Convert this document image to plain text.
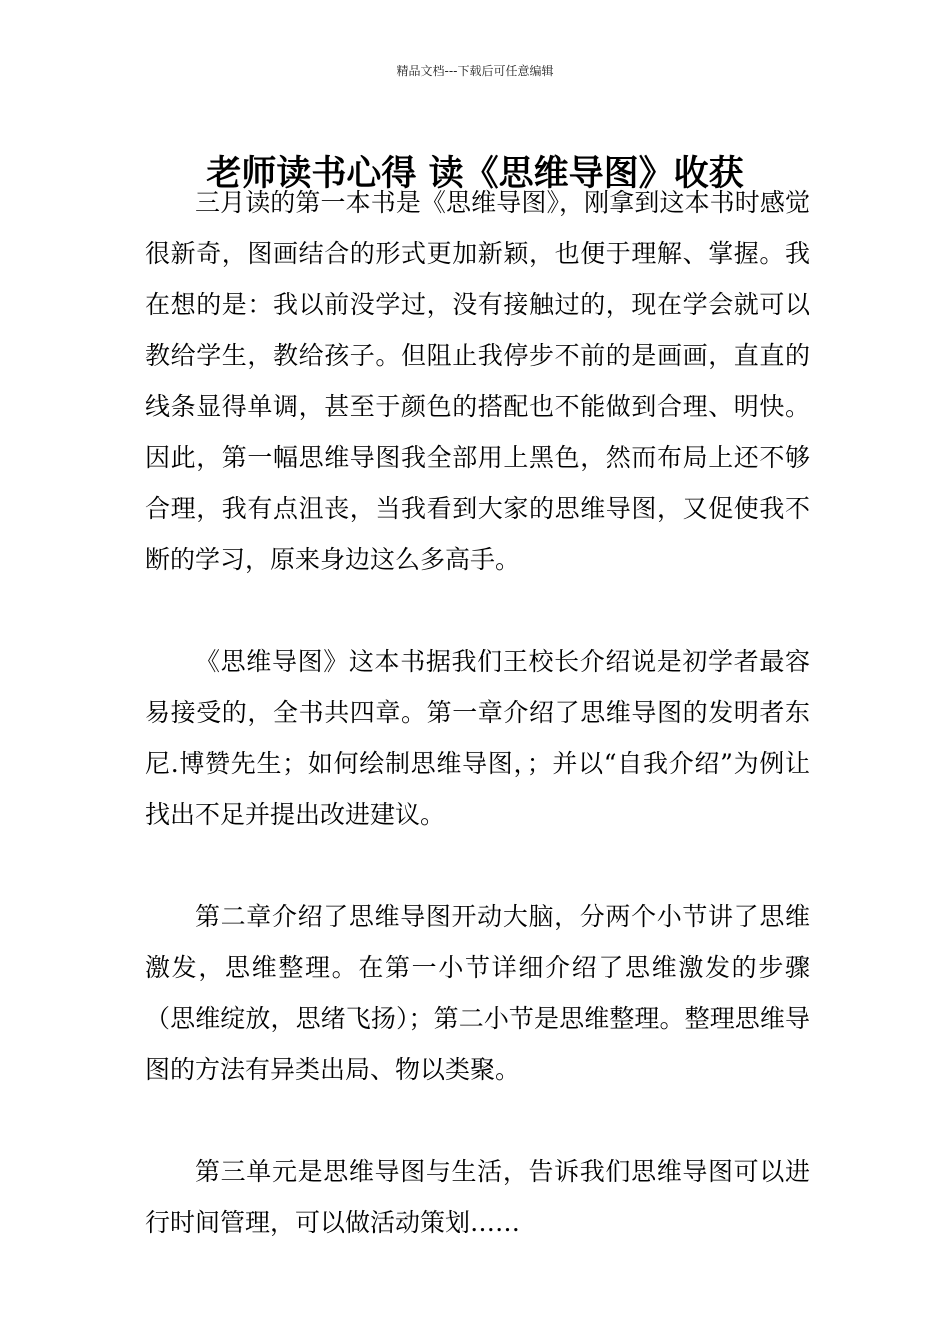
精品文档---下载后可任意编辑
老师读书心得 读《思维导图》收获

三月读的第一本书是《思维导图》，刚拿到这本书时感觉很新奇，图画结合的形式更加新颖，也便于理解、掌握。我在想的是：我以前没学过，没有接触过的，现在学会就可以教给学生，教给孩子。但阻止我停步不前的是画画，直直的线条显得单调，甚至于颜色的搭配也不能做到合理、明快。因此，第一幅思维导图我全部用上黑色，然而布局上还不够合理，我有点沮丧，当我看到大家的思维导图，又促使我不断的学习，原来身边这么多高手。

《思维导图》这本书据我们王校长介绍说是初学者最容易接受的，全书共四章。第一章介绍了思维导图的发明者东尼.博赞先生；如何绘制思维导图，；并以“自我介绍”为例让找出不足并提出改进建议。

第二章介绍了思维导图开动大脑，分两个小节讲了思维激发，思维整理。在第一小节详细介绍了思维激发的步骤（思维绽放，思绪飞扬）；第二小节是思维整理。整理思维导图的方法有异类出局、物以类聚。

第三单元是思维导图与生活，告诉我们思维导图可以进行时间管理，可以做活动策划……
